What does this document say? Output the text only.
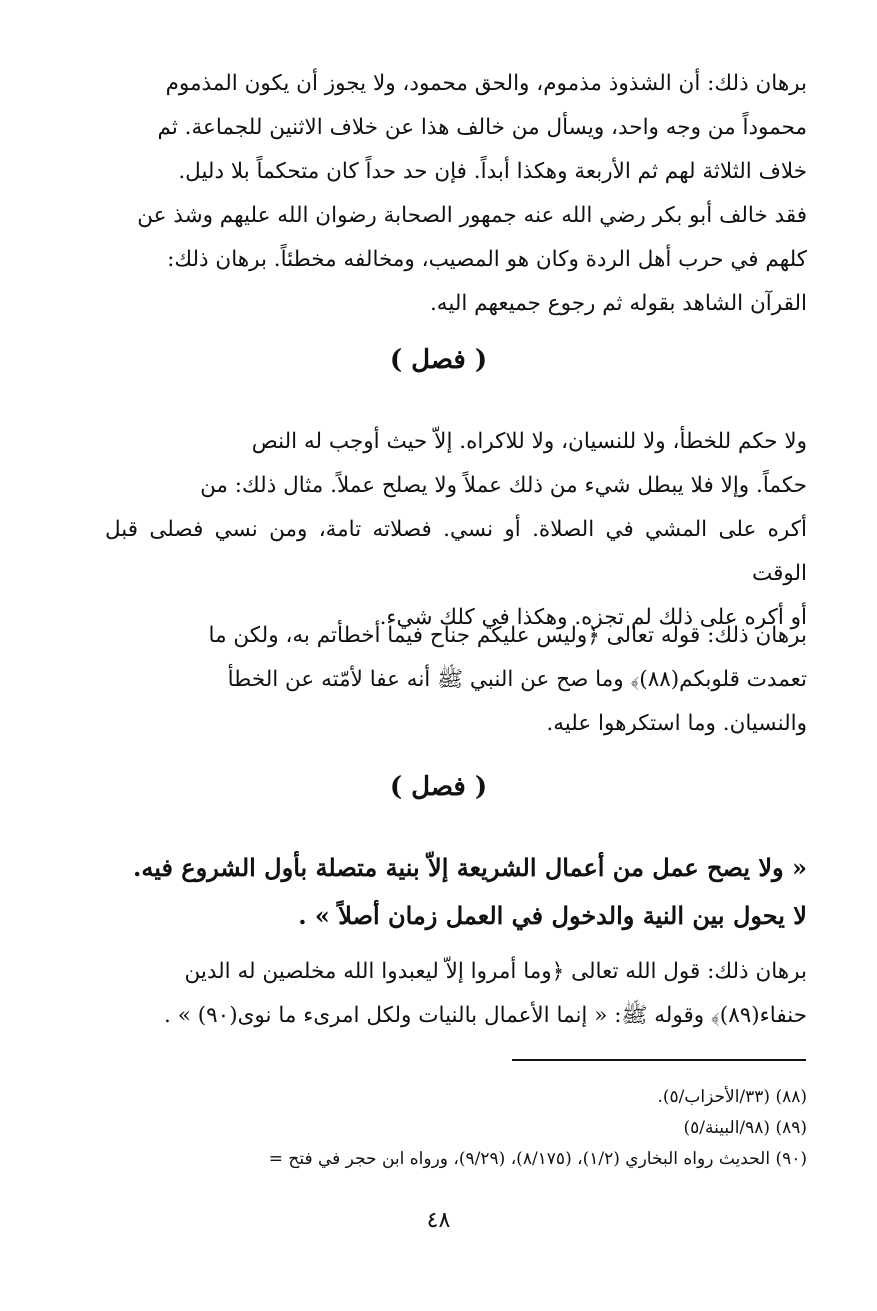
برهان ذلك: أن الشذوذ مذموم، والحق محمود، ولا يجوز أن يكون المذموم

محموداً من وجه واحد، ويسأل من خالف هذا عن خلاف الاثنين للجماعة. ثم

خلاف الثلاثة لهم ثم الأربعة وهكذا أبداً. فإن حد حداً كان متحكماً بلا دليل.

فقد خالف أبو بكر رضي الله عنه جمهور الصحابة رضوان الله عليهم وشذ عن

كلهم في حرب أهل الردة وكان هو المصيب، ومخالفه مخطئاً. برهان ذلك:

القرآن الشاهد بقوله ثم رجوع جميعهم اليه.

( فصل )

ولا حكم للخطأ، ولا للنسيان، ولا للاكراه. إلاّ حيث أوجب له النص

حكماً. وإلا فلا يبطل شيء من ذلك عملاً ولا يصلح عملاً. مثال ذلك: من

أكره على المشي في الصلاة. أو نسي. فصلاته تامة، ومن نسي فصلى قبل الوقت

أو أكره على ذلك لم تجزه. وهكذا في كلك شيء.

برهان ذلك: قوله تعالى ﴿وليس عليكم جناح فيما أخطأتم به، ولكن ما

تعمدت قلوبكم(٨٨)﴾ وما صح عن النبي ﷺ أنه عفا لأمّته عن الخطأ

والنسيان. وما استكرهوا عليه.

( فصل )

« ولا يصح عمل من أعمال الشريعة إلاّ بنية متصلة بأول الشروع فيه.

لا يحول بين النية والدخول في العمل زمان أصلاً » .

برهان ذلك: قول الله تعالى ﴿وما أمروا إلاّ ليعبدوا الله مخلصين له الدين

حنفاء(٨٩)﴾ وقوله ﷺ: « إنما الأعمال بالنيات ولكل امرىء ما نوى(٩٠) » .

(٨٨) (٣٣/الأحزاب/٥).

(٨٩) (٩٨/البينة/٥)

(٩٠) الحديث رواه البخاري (١/٢)، (٨/١٧٥)، (٩/٢٩)، ورواه ابن حجر في فتح =

٤٨
